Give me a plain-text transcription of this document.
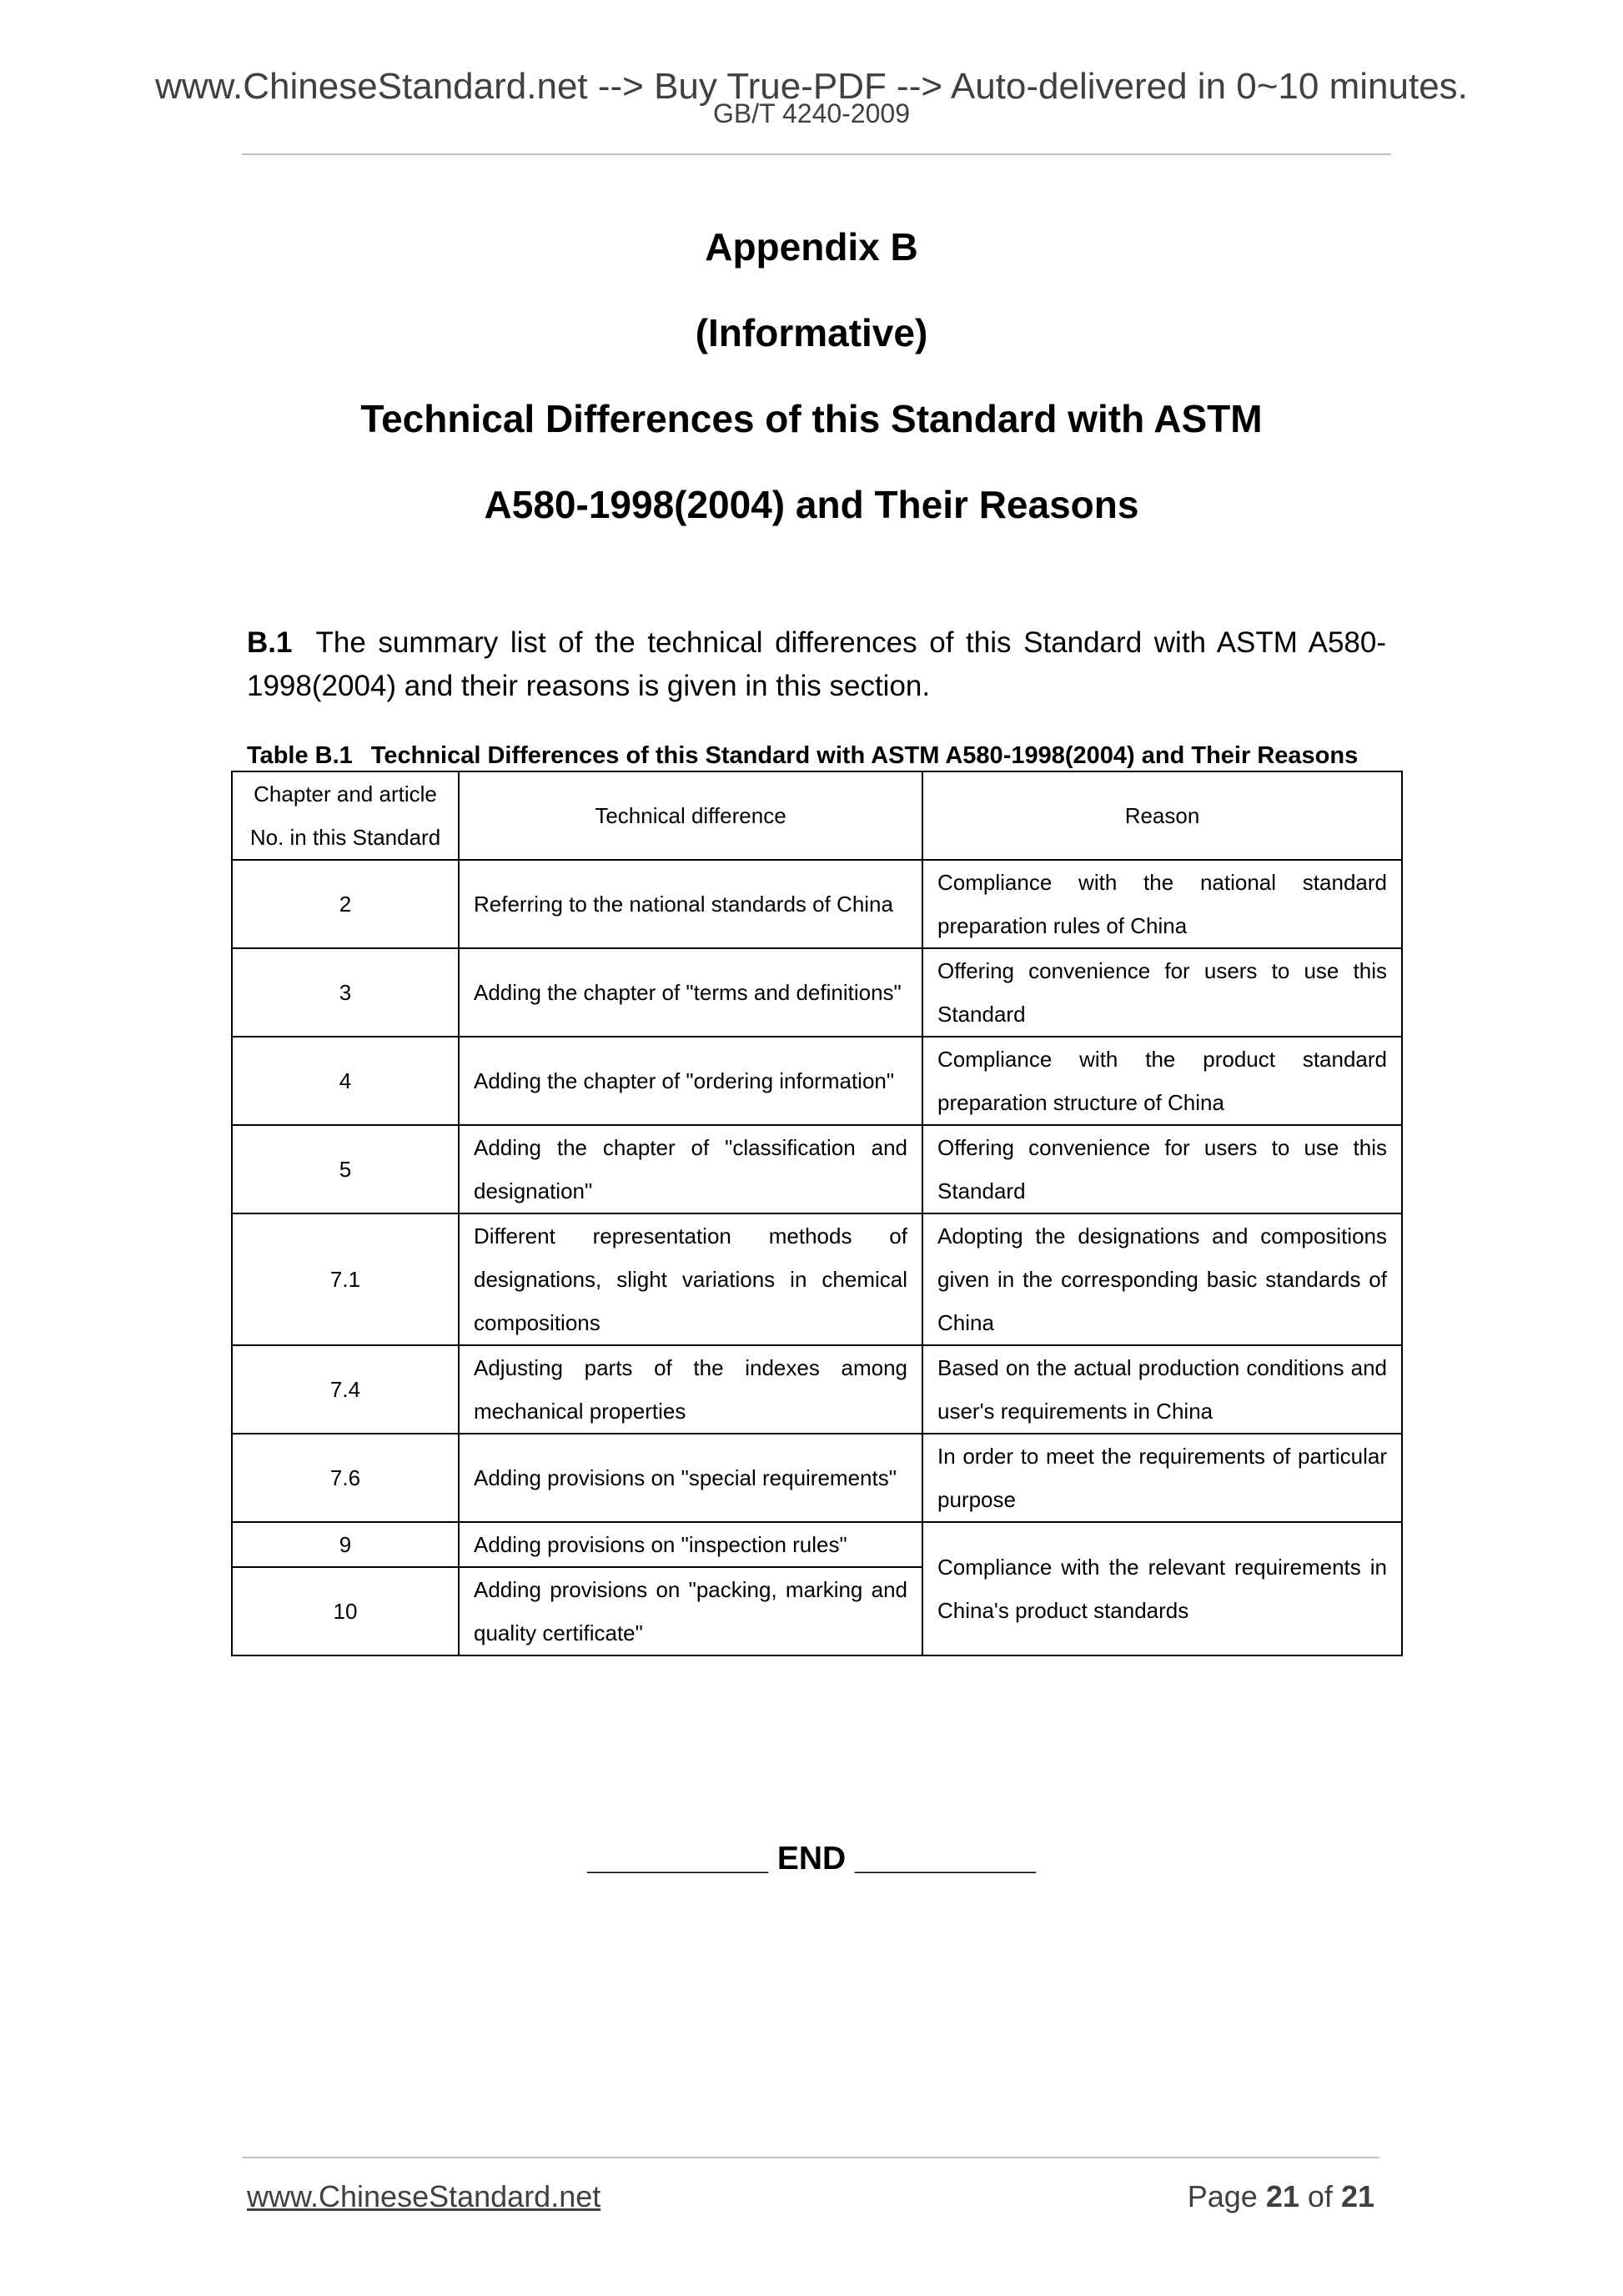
www.ChineseStandard.net --> Buy True-PDF --> Auto-delivered in 0~10 minutes.
GB/T 4240-2009
Appendix B
(Informative)
Technical Differences of this Standard with ASTM
A580-1998(2004) and Their Reasons
B.1 The summary list of the technical differences of this Standard with ASTM A580-1998(2004) and their reasons is given in this section.
Table B.1 Technical Differences of this Standard with ASTM A580-1998(2004) and Their Reasons
Chapter and article No. in this Standard	Technical difference	Reason
2	Referring to the national standards of China	Compliance with the national standard preparation rules of China
3	Adding the chapter of "terms and definitions"	Offering convenience for users to use this Standard
4	Adding the chapter of "ordering information"	Compliance with the product standard preparation structure of China
5	Adding the chapter of "classification and designation"	Offering convenience for users to use this Standard
7.1	Different representation methods of designations, slight variations in chemical compositions	Adopting the designations and compositions given in the corresponding basic standards of China
7.4	Adjusting parts of the indexes among mechanical properties	Based on the actual production conditions and user's requirements in China
7.6	Adding provisions on "special requirements"	In order to meet the requirements of particular purpose
9	Adding provisions on "inspection rules"	Compliance with the relevant requirements in China's product standards
10	Adding provisions on "packing, marking and quality certificate"	
__________ END __________
www.ChineseStandard.net	Page 21 of 21
